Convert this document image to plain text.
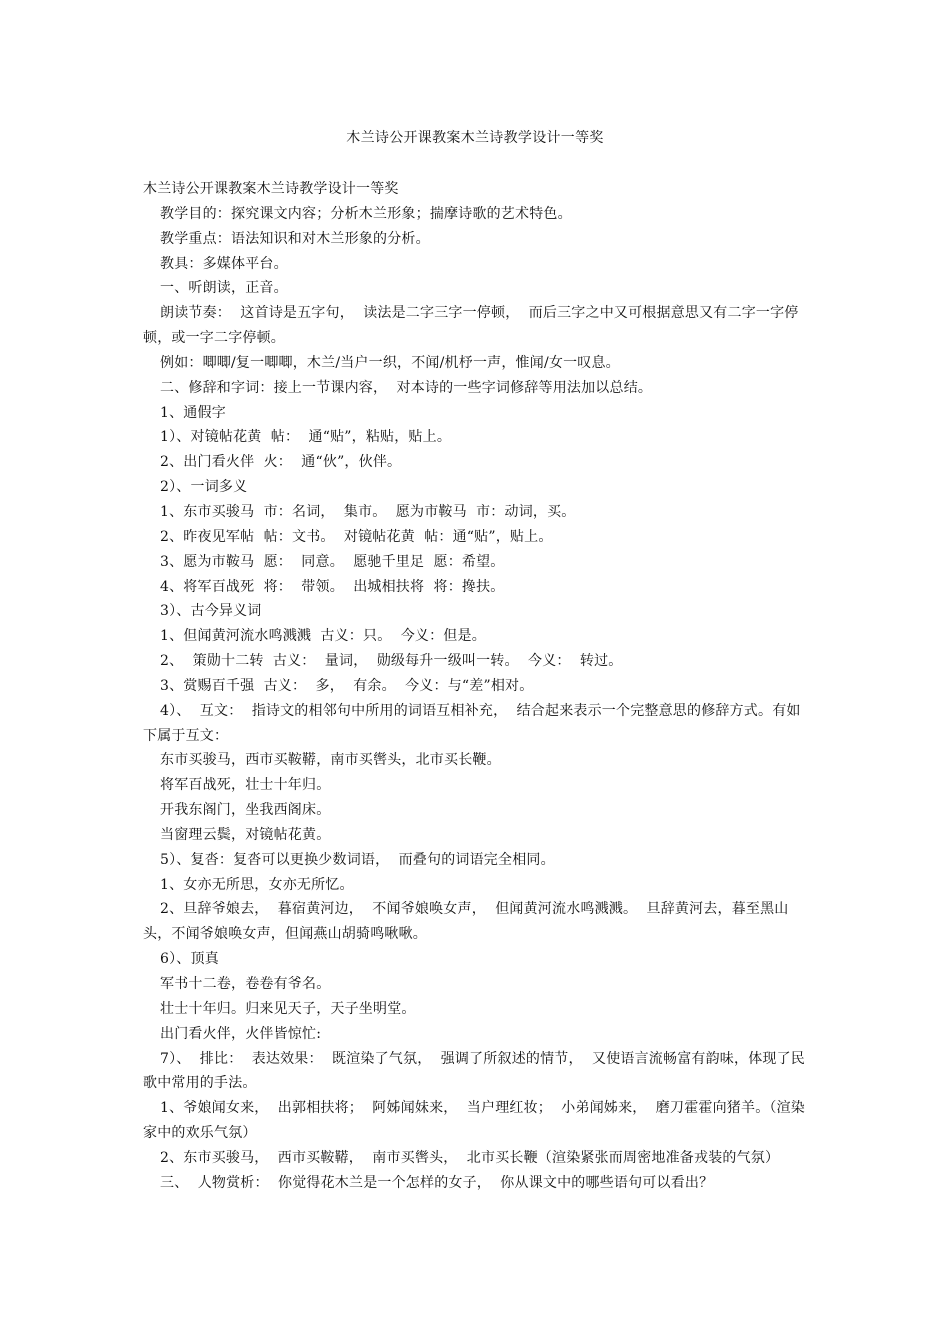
木兰诗公开课教案木兰诗教学设计一等奖

木兰诗公开课教案木兰诗教学设计一等奖

教学目的：探究课文内容；分析木兰形象；揣摩诗歌的艺术特色。

教学重点：语法知识和对木兰形象的分析。

教具：多媒体平台。

一、听朗读，正音。

朗读节奏：  这首诗是五字句，  读法是二字三字一停顿，  而后三字之中又可根据意思又有二字一字停顿，或一字二字停顿。

例如：唧唧/复一唧唧，木兰/当户一织，不闻/机杼一声，惟闻/女一叹息。

二、修辞和字词：接上一节课内容，  对本诗的一些字词修辞等用法加以总结。

1、通假字

1）、对镜帖花黄  帖：  通“贴”，粘贴，贴上。

2、出门看火伴  火：  通“伙”，伙伴。

2）、一词多义

1、东市买骏马  市：名词，  集市。  愿为市鞍马  市：动词，买。

2、昨夜见军帖  帖：文书。  对镜帖花黄  帖：通“贴”，贴上。

3、愿为市鞍马  愿：  同意。  愿驰千里足  愿：希望。

4、将军百战死  将：  带领。  出城相扶将  将：搀扶。

3）、古今异义词

1、但闻黄河流水鸣溅溅  古义：只。  今义：但是。

2、  策勋十二转  古义：  量词，  勋级每升一级叫一转。  今义：  转过。

3、赏赐百千强  古义：  多，  有余。  今义：与“差”相对。

4）、  互文：  指诗文的相邻句中所用的词语互相补充，  结合起来表示一个完整意思的修辞方式。有如下属于互文：

东市买骏马，西市买鞍鞯，南市买辔头，北市买长鞭。

将军百战死，壮士十年归。

开我东阁门，坐我西阁床。

当窗理云鬓，对镜帖花黄。

5）、复沓：复沓可以更换少数词语，  而叠句的词语完全相同。

1、女亦无所思，女亦无所忆。

2、旦辞爷娘去，  暮宿黄河边，  不闻爷娘唤女声，  但闻黄河流水鸣溅溅。  旦辞黄河去，暮至黑山头，不闻爷娘唤女声，但闻燕山胡骑鸣啾啾。

6）、顶真

军书十二卷，卷卷有爷名。

壮士十年归。归来见天子，天子坐明堂。

出门看火伴，火伴皆惊忙:

7）、  排比：  表达效果：  既渲染了气氛，  强调了所叙述的情节，  又使语言流畅富有韵味，体现了民歌中常用的手法。

1、爷娘闻女来，  出郭相扶将；  阿姊闻妹来，  当户理红妆；  小弟闻姊来，  磨刀霍霍向猪羊。（渲染家中的欢乐气氛）

2、东市买骏马，  西市买鞍鞯，  南市买辔头，  北市买长鞭（渲染紧张而周密地准备戎装的气氛）

三、  人物赏析：  你觉得花木兰是一个怎样的女子，  你从课文中的哪些语句可以看出？
